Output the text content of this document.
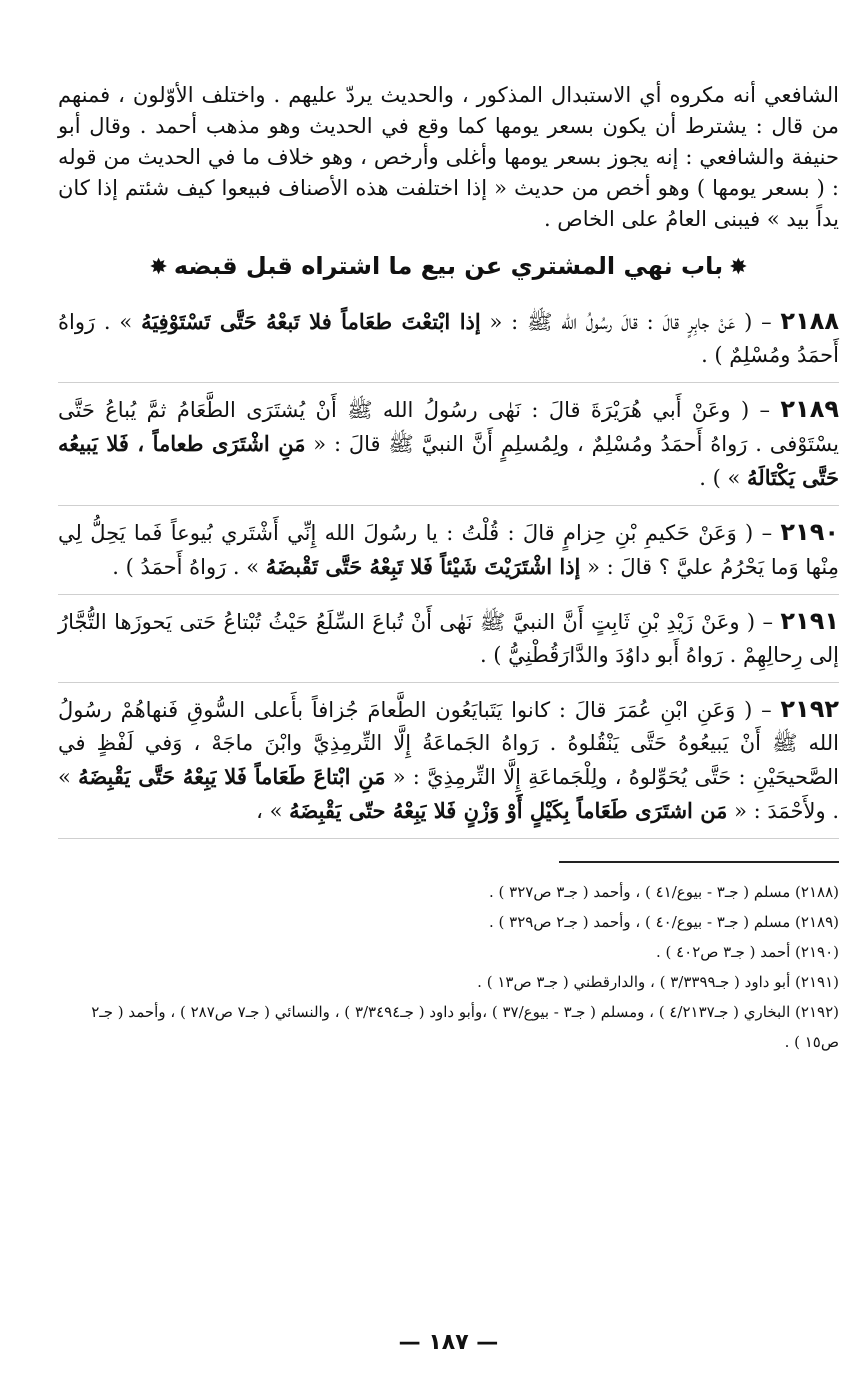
الشافعي أنه مكروه أي الاستبدال المذكور ، والحديث يردّ عليهم . واختلف الأوّلون ، فمنهم من قال : يشترط أن يكون بسعر يومها كما وقع في الحديث وهو مذهب أحمد . وقال أبو حنيفة والشافعي : إنه يجوز بسعر يومها وأغلى وأرخص ، وهو خلاف ما في الحديث من قوله : ( بسعر يومها ) وهو أخص من حديث « إذا اختلفت هذه الأصناف فبيعوا كيف شئتم إذا كان يداً بيد » فيبنى العامُ على الخاص .

✸باب نهي المشتري عن بيع ما اشتراه قبل قبضه✸
٢١٨٨ – ( عَنْ جابِرٍ قالَ : قالَ رسُولُ الله ﷺ : « إذا ابْتعْتَ طعَاماً فلا تَبعْهُ حَتَّى تَسْتَوْفِيَهُ » . رَواهُ أَحمَدُ ومُسْلِمٌ ) .
٢١٨٩ – ( وعَنْ أَبي هُرَيْرَةَ قالَ : نَهٰى رسُولُ الله ﷺ أَنْ يُشتَرَى الطَّعَامُ ثمَّ يُباعُ حَتَّى يسْتَوْفى . رَواهُ أَحمَدُ ومُسْلِمٌ ، ولِمُسلِمٍ أَنَّ النبيَّ ﷺ قالَ : « مَنِ اشْتَرَى طعاماً ، فَلا يَبيعُه حَتَّى يَكْتَالَهُ » ) .
٢١٩٠ – ( وَعَنْ حَكيمِ بْنِ حِزامٍ قالَ : قُلْتُ : يا رسُولَ الله إِنِّي أَشْتَري بُيوعاً فَما يَحِلُّ لِي مِنْها وَما يَحْرُمُ عليَّ ؟ قالَ : « إذا اشْتَرَيْتَ شَيْئاً فَلا تَبِعْهُ حَتَّى تَقْبضَهُ » . رَواهُ أَحمَدُ ) .
٢١٩١ – ( وعَنْ زَيْدِ بْنِ ثَابِتٍ أَنَّ النبيَّ ﷺ نَهٰى أَنْ تُباعَ السِّلَعُ حَيْثُ تُبْتاعُ حَتى يَحوزَها التُّجَّارُ إلى رِحالِهِمْ . رَواهُ أَبو داوُدَ والدَّارَقُطْنِيُّ ) .
٢١٩٢ – ( وَعَنِ ابْنِ عُمَرَ قالَ : كانوا يَتَبايَعُون الطَّعامَ جُزافاً بأَعلى السُّوقِ فَنهاهُمْ رسُولُ الله ﷺ أَنْ يَبيعُوهُ حَتَّى يَنْقُلوهُ . رَواهُ الجَماعَةُ إِلَّا التِّرمِذِيَّ وابْنَ ماجَهْ ، وَفي لَفْظٍ في الصَّحيحَيْنِ : حَتَّى يُحَوِّلوهُ ، ولِلْجَماعَةِ إِلَّا التِّرمِذِيَّ : « مَنِ ابْتاعَ طَعَاماً فَلا يَبِعْهُ حَتَّى يَقْبِضَهُ » . ولأَحْمَدَ : « مَن اشتَرَى طَعَاماً بِكَيْلٍ أَوْ وَزْنٍ فَلا يَبِعْهُ حتّى يَقْبِضَهُ » ،
(٢١٨٨) مسلم ( جـ٣ - بيوع/٤١ ) ، وأحمد ( جـ٣ ص٣٢٧ ) .
(٢١٨٩) مسلم ( جـ٣ - بيوع/٤٠ ) ، وأحمد ( جـ٢ ص٣٢٩ ) .
(٢١٩٠) أحمد ( جـ٣ ص٤٠٢ ) .
(٢١٩١) أبو داود ( جـ٣/٣٣٩٩ ) ، والدارقطني ( جـ٣ ص١٣ ) .
(٢١٩٢) البخاري ( جـ٤/٢١٣٧ ) ، ومسلم ( جـ٣ - بيوع/٣٧ ) ،وأبو داود ( جـ٣/٣٤٩٤ ) ، والنسائي ( جـ٧ ص٢٨٧ ) ، وأحمد ( جـ٢ ص١٥ ) .
— ١٨٧ —
